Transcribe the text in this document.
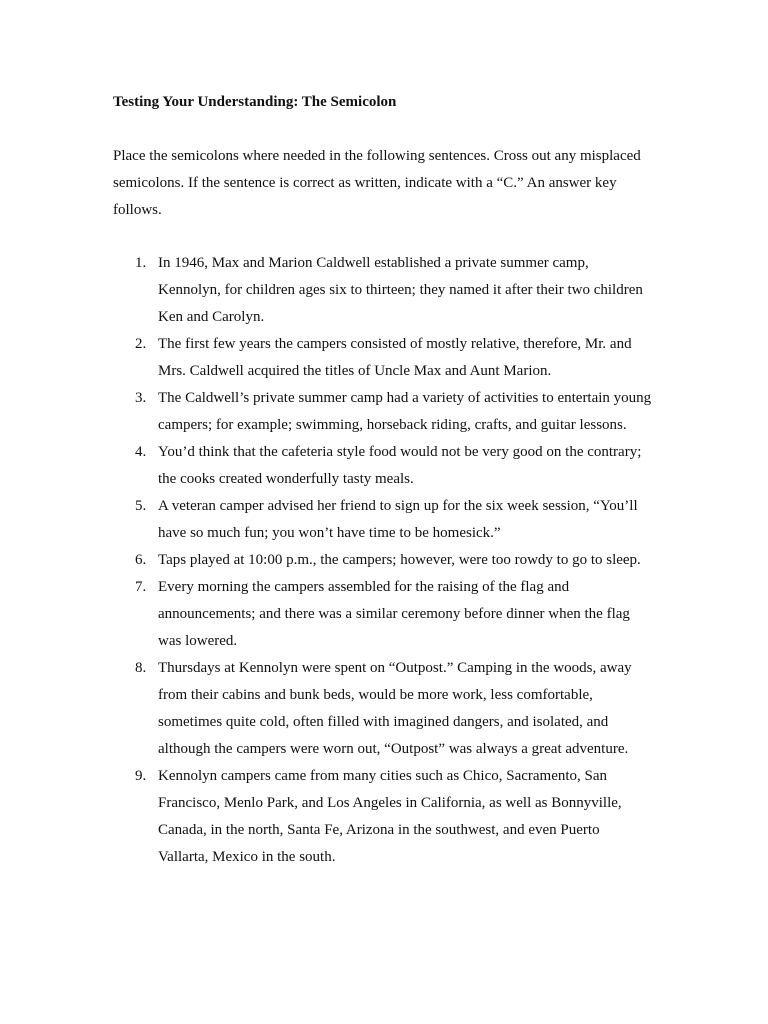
Testing Your Understanding: The Semicolon
Place the semicolons where needed in the following sentences. Cross out any misplaced
semicolons. If the sentence is correct as written, indicate with a “C.” An answer key
follows.
1. In 1946, Max and Marion Caldwell established a private summer camp,
Kennolyn, for children ages six to thirteen; they named it after their two children
Ken and Carolyn.
2. The first few years the campers consisted of mostly relative, therefore, Mr. and
Mrs. Caldwell acquired the titles of Uncle Max and Aunt Marion.
3. The Caldwell’s private summer camp had a variety of activities to entertain young
campers; for example; swimming, horseback riding, crafts, and guitar lessons.
4. You’d think that the cafeteria style food would not be very good on the contrary;
the cooks created wonderfully tasty meals.
5. A veteran camper advised her friend to sign up for the six week session, “You’ll
have so much fun; you won’t have time to be homesick.”
6. Taps played at 10:00 p.m., the campers; however, were too rowdy to go to sleep.
7. Every morning the campers assembled for the raising of the flag and
announcements; and there was a similar ceremony before dinner when the flag
was lowered.
8. Thursdays at Kennolyn were spent on “Outpost.” Camping in the woods, away
from their cabins and bunk beds, would be more work, less comfortable,
sometimes quite cold, often filled with imagined dangers, and isolated, and
although the campers were worn out, “Outpost” was always a great adventure.
9. Kennolyn campers came from many cities such as Chico, Sacramento, San
Francisco, Menlo Park, and Los Angeles in California, as well as Bonnyville,
Canada, in the north, Santa Fe, Arizona in the southwest, and even Puerto
Vallarta, Mexico in the south.
